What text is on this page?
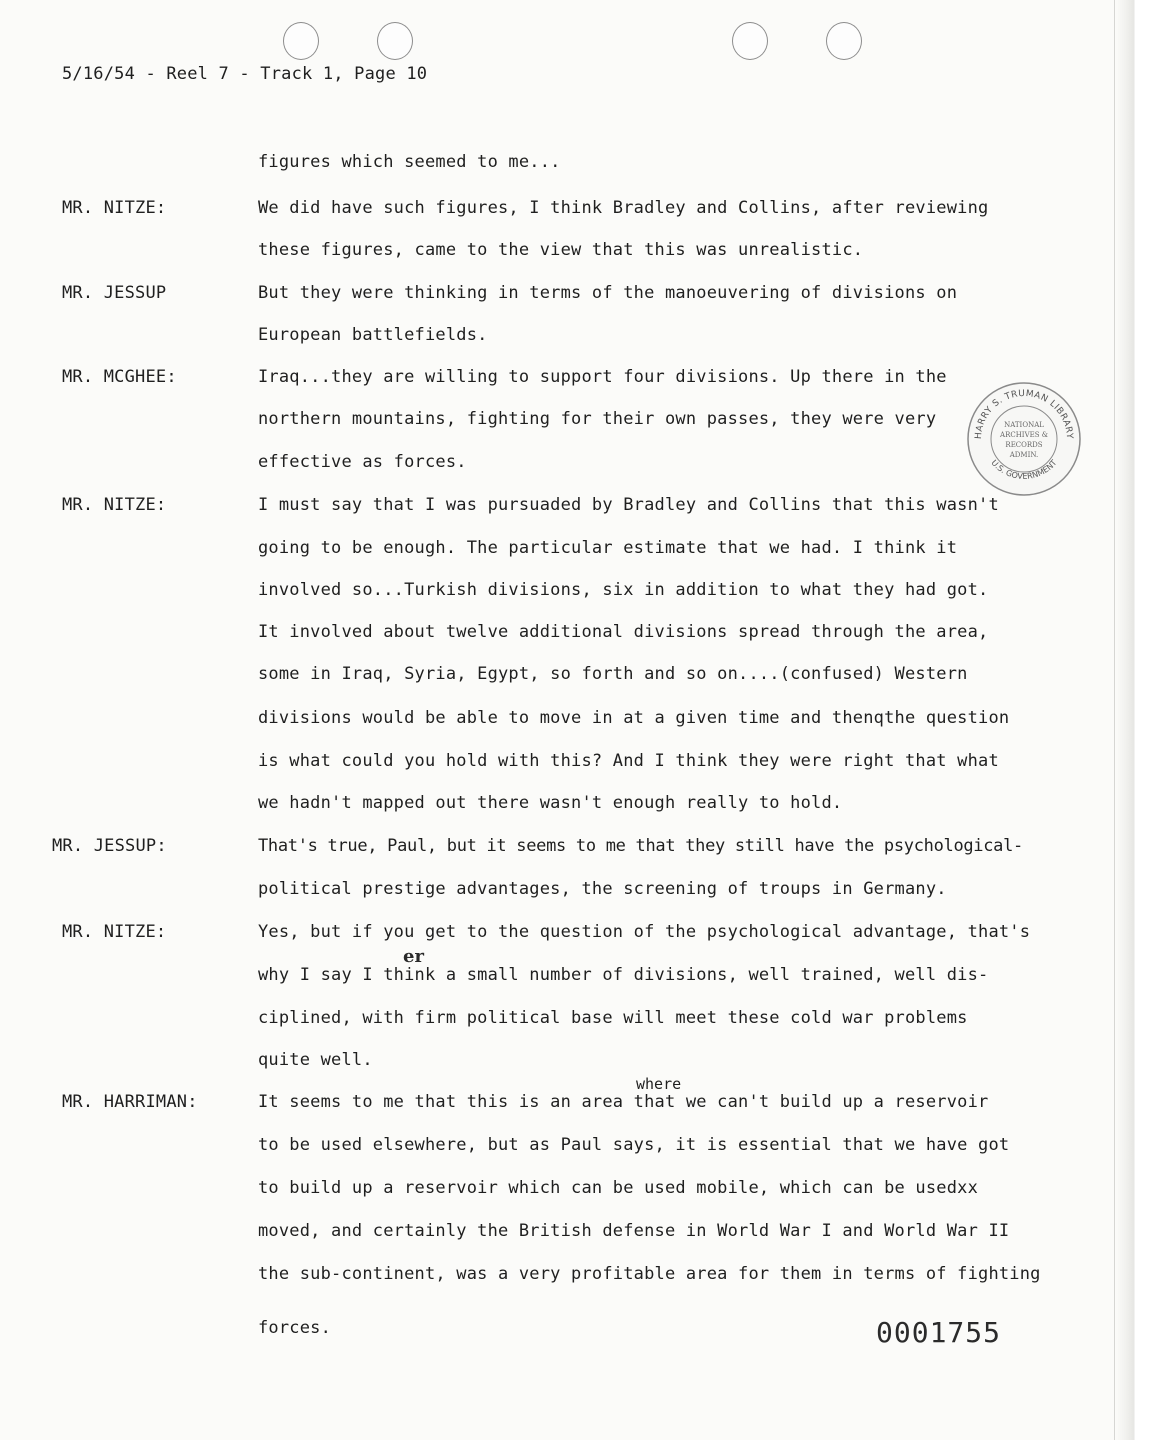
5/16/54 - Reel 7 - Track 1, Page 10
figures which seemed to me...
MR. NITZE:	We did have such figures, I think Bradley and Collins, after reviewing
these figures, came to the view that this was unrealistic.
MR. JESSUP	But they were thinking in terms of the manoeuvering of divisions on
European battlefields.
MR. MCGHEE:	Iraq...they are willing to support four divisions. Up there in the
northern mountains, fighting for their own passes, they were very
effective as forces.
MR. NITZE:	I must say that I was pursuaded by Bradley and Collins that this wasn't
going to be enough. The particular estimate that we had. I think it
involved so...Turkish divisions, six in addition to what they had got.
It involved about twelve additional divisions spread through the area,
some in Iraq, Syria, Egypt, so forth and so on....(confused) Western
divisions would be able to move in at a given time and thenqthe question
is what could you hold with this? And I think they were right that what
we hadn't mapped out there wasn't enough really to hold.
MR. JESSUP:	That's true, Paul, but it seems to me that they still have the psychological-
political prestige advantages, the screening of troups in Germany.
MR. NITZE:	Yes, but if you get to the question of the psychological advantage, that's
er
why I say I think a small number of divisions, well trained, well dis-
ciplined, with firm political base will meet these cold war problems
quite well.
where
MR. HARRIMAN:	It seems to me that this is an area that we can't build up a reservoir
to be used elsewhere, but as Paul says, it is essential that we have got
to build up a reservoir which can be used mobile, which can be usedxx
moved, and certainly the British defense in World War I and World War II
the sub-continent, was a very profitable area for them in terms of fighting
forces.
HARRY S. TRUMAN LIBRARY
U.S. GOVERNMENT
NATIONAL
ARCHIVES &
RECORDS
ADMIN.
0001755
